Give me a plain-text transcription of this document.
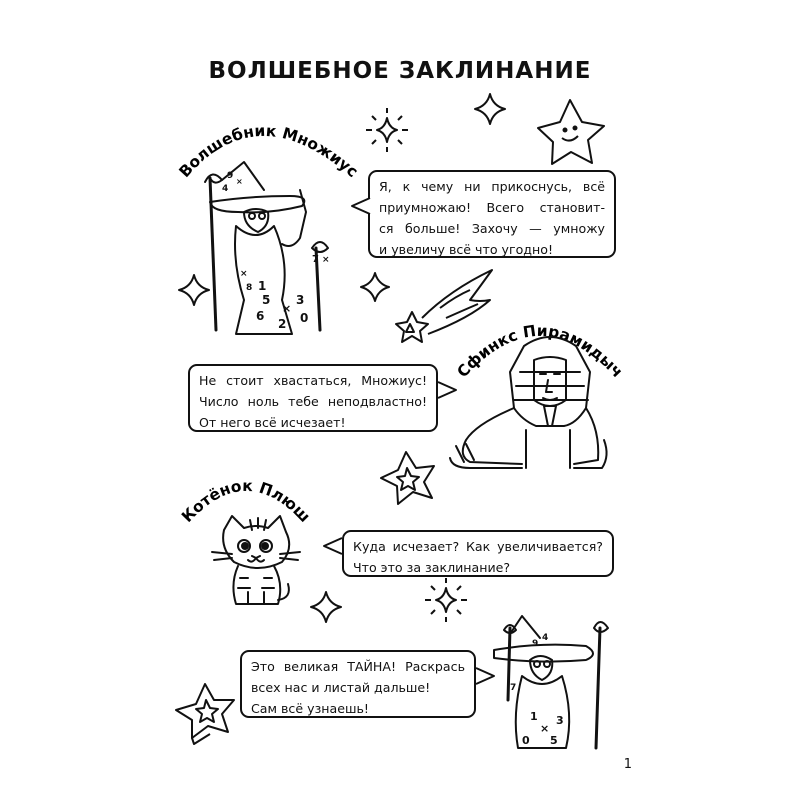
ВОЛШЕБНОЕ ЗАКЛИНАНИЕ
Волшебник Множиус
Сфинкс Пирамидыч
Котёнок Плюш
9
4
×
1
5
6
2
×
3
0
×
7 ×
8
9
4
1
×
0 5
3
7
Я, к чему ни прикоснусь, всё
приумножаю! Всего становит-
ся больше! Захочу — умножу
и увеличу всё что угодно!
Не стоит хвастаться, Множиус!
Число ноль тебе неподвластно!
От него всё исчезает!
Куда исчезает? Как увеличивается?
Что это за заклинание?
Это великая ТАЙНА! Раскрась
всех нас и листай дальше!
Сам всё узнаешь!
1
